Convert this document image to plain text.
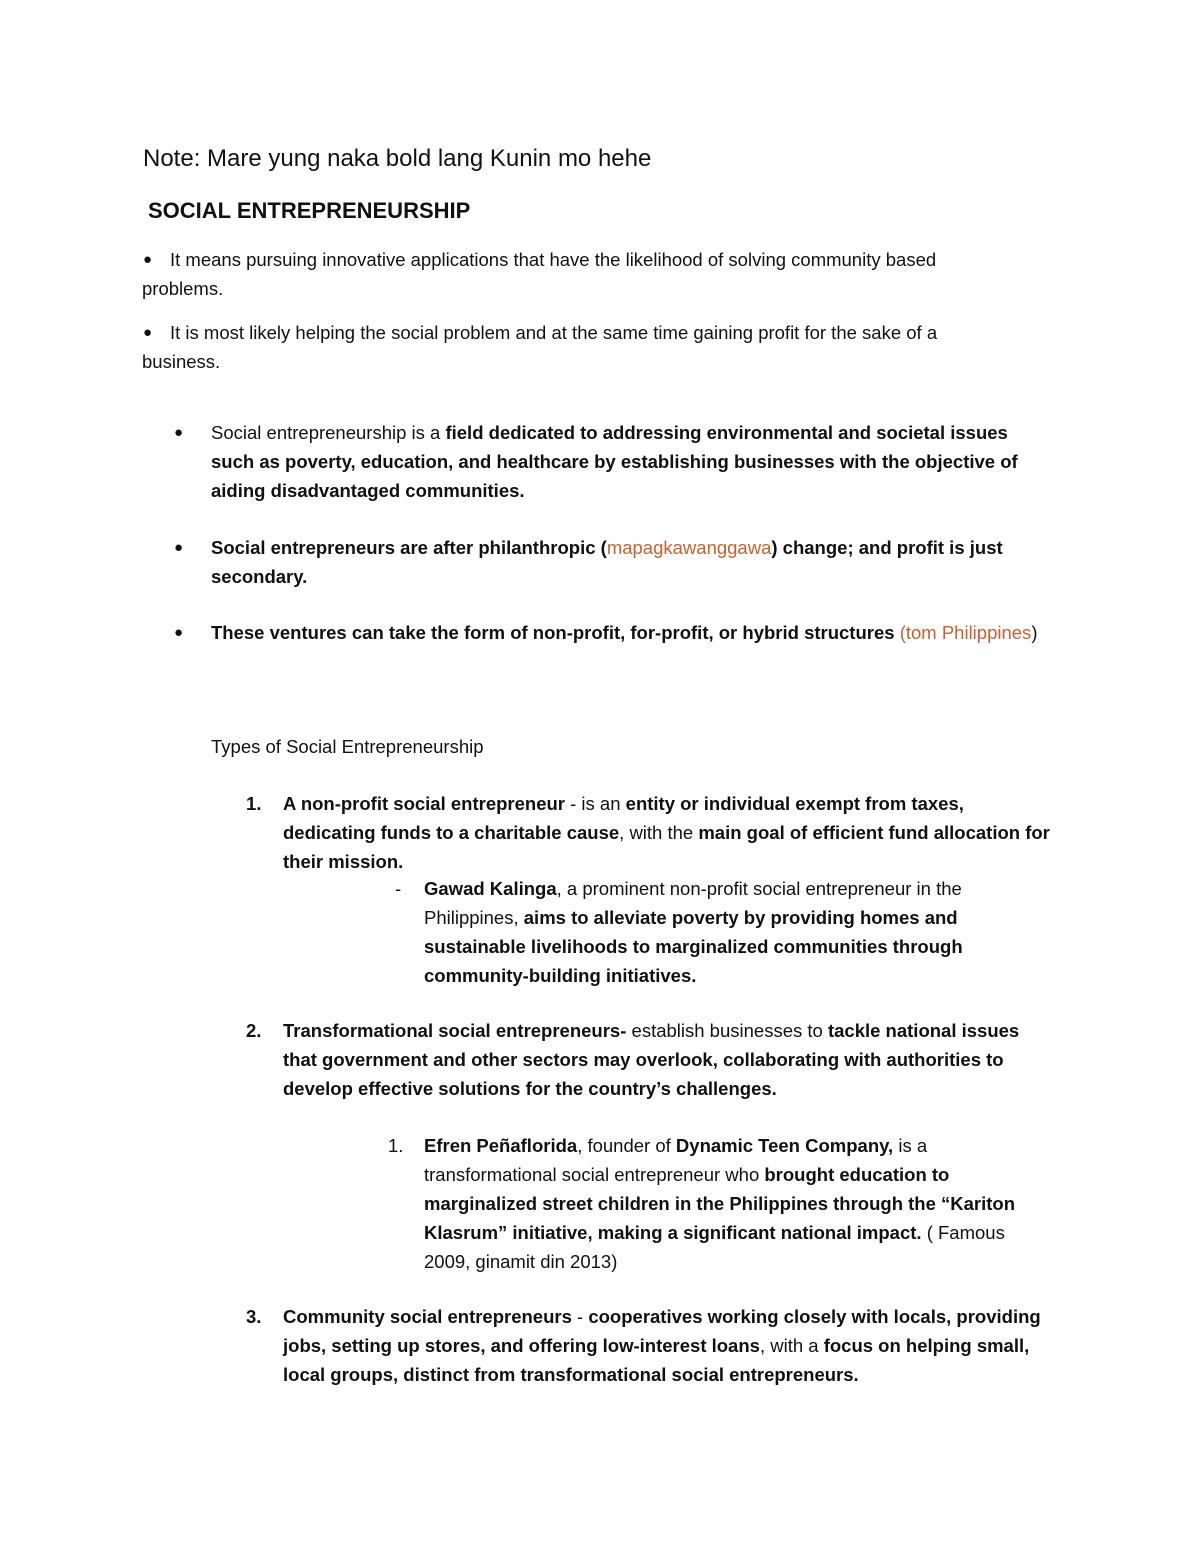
Note: Mare yung naka bold lang Kunin mo hehe

SOCIAL ENTREPRENEURSHIP

● It means pursuing innovative applications that have the likelihood of solving community based problems.

● It is most likely helping the social problem and at the same time gaining profit for the sake of a business.

● Social entrepreneurship is a field dedicated to addressing environmental and societal issues such as poverty, education, and healthcare by establishing businesses with the objective of aiding disadvantaged communities.

● Social entrepreneurs are after philanthropic (mapagkawanggawa) change; and profit is just secondary.

● These ventures can take the form of non-profit, for-profit, or hybrid structures (tom Philippines)

Types of Social Entrepreneurship

1. A non-profit social entrepreneur - is an entity or individual exempt from taxes, dedicating funds to a charitable cause, with the main goal of efficient fund allocation for their mission.

- Gawad Kalinga, a prominent non-profit social entrepreneur in the Philippines, aims to alleviate poverty by providing homes and sustainable livelihoods to marginalized communities through community-building initiatives.

2. Transformational social entrepreneurs- establish businesses to tackle national issues that government and other sectors may overlook, collaborating with authorities to develop effective solutions for the country’s challenges.

1. Efren Peñaflorida, founder of Dynamic Teen Company, is a transformational social entrepreneur who brought education to marginalized street children in the Philippines through the “Kariton Klasrum” initiative, making a significant national impact. ( Famous 2009, ginamit din 2013)

3. Community social entrepreneurs - cooperatives working closely with locals, providing jobs, setting up stores, and offering low-interest loans, with a focus on helping small, local groups, distinct from transformational social entrepreneurs.
